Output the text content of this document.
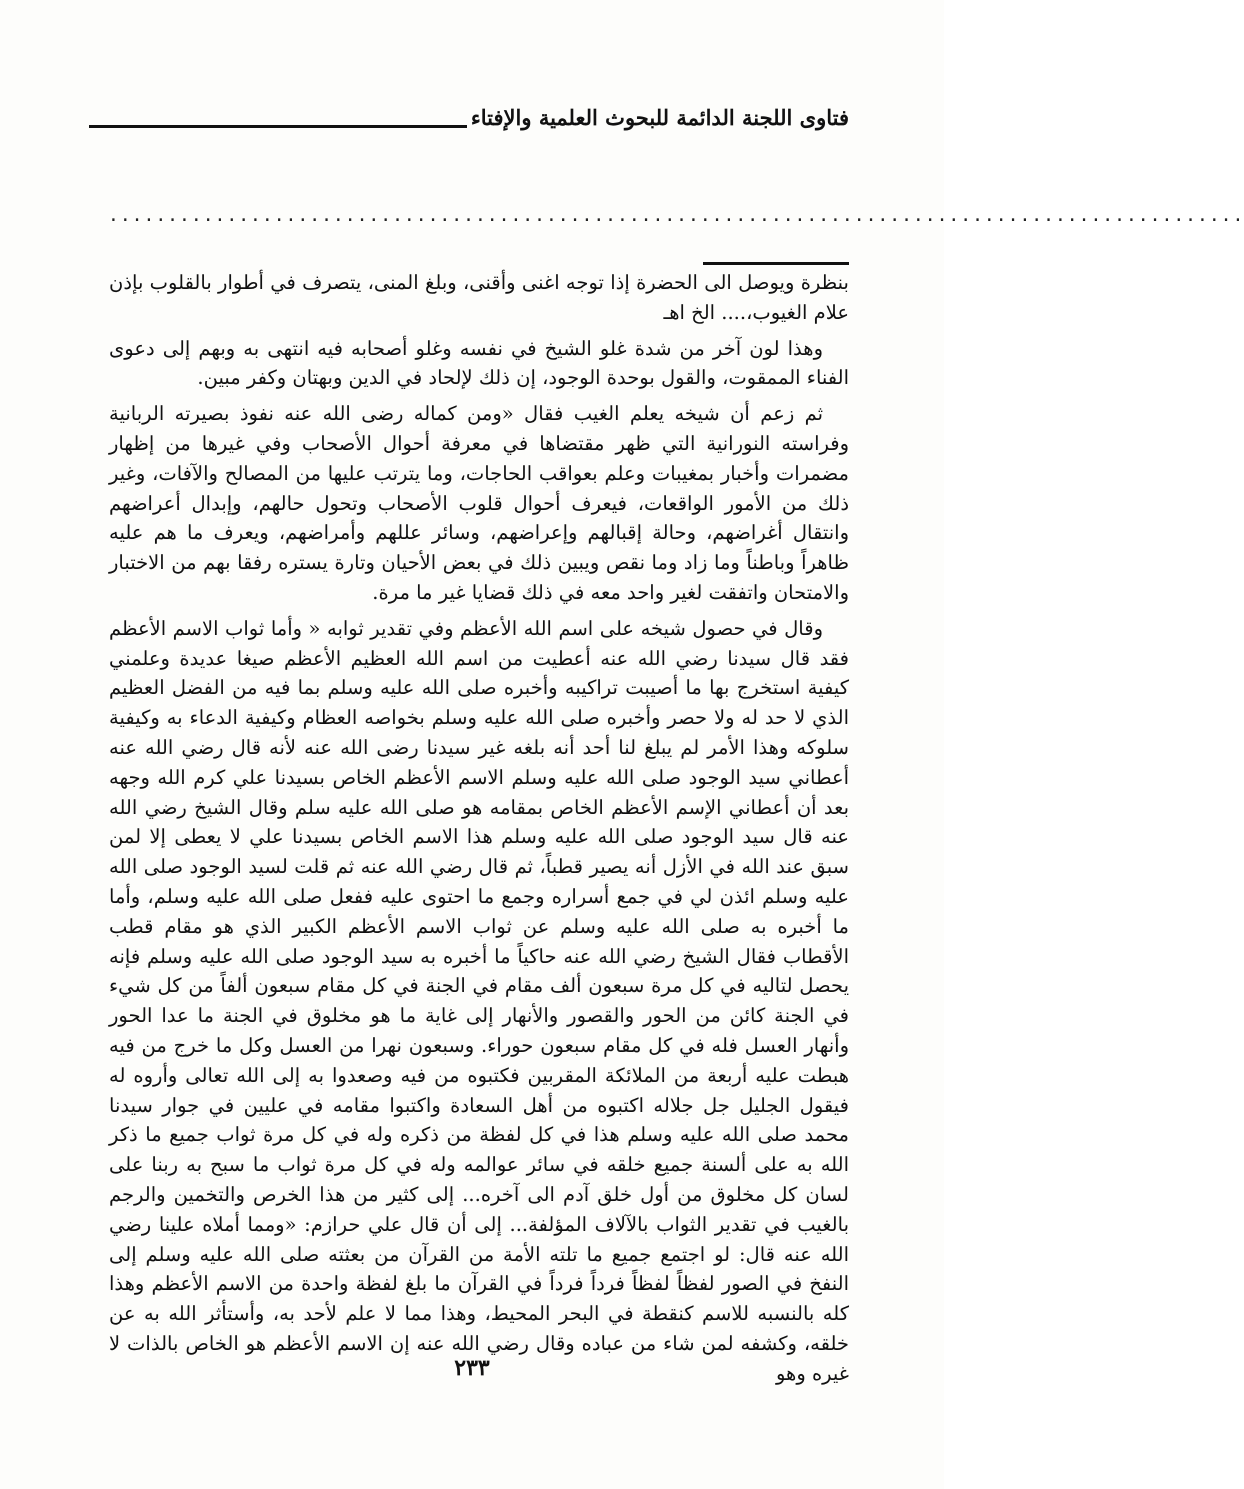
فتاوى اللجنة الدائمة للبحوث العلمية والإفتاء
................................................................................................

بنظرة ويوصل الى الحضرة إذا توجه اغنى وأقنى، وبلغ المنى، يتصرف في أطوار بالقلوب بإذن علام الغيوب،.... الخ اهـ

وهذا لون آخر من شدة غلو الشيخ في نفسه وغلو أصحابه فيه انتهى به وبهم إلى دعوى الفناء الممقوت، والقول بوحدة الوجود، إن ذلك لإلحاد في الدين وبهتان وكفر مبين.

ثم زعم أن شيخه يعلم الغيب فقال «ومن كماله رضى الله عنه نفوذ بصيرته الربانية وفراسته النورانية التي ظهر مقتضاها في معرفة أحوال الأصحاب وفي غيرها من إظهار مضمرات وأخبار بمغيبات وعلم بعواقب الحاجات، وما يترتب عليها من المصالح والآفات، وغير ذلك من الأمور الواقعات، فيعرف أحوال قلوب الأصحاب وتحول حالهم، وإبدال أعراضهم وانتقال أغراضهم، وحالة إقبالهم وإعراضهم، وسائر عللهم وأمراضهم، ويعرف ما هم عليه ظاهراً وباطناً وما زاد وما نقص ويبين ذلك في بعض الأحيان وتارة يستره رفقا بهم من الاختبار والامتحان واتفقت لغير واحد معه في ذلك قضايا غير ما مرة.

وقال في حصول شيخه على اسم الله الأعظم وفي تقدير ثوابه « وأما ثواب الاسم الأعظم فقد قال سيدنا رضي الله عنه أعطيت من اسم الله العظيم الأعظم صيغا عديدة وعلمني كيفية استخرج بها ما أصيبت تراكيبه وأخبره صلى الله عليه وسلم بما فيه من الفضل العظيم الذي لا حد له ولا حصر وأخبره صلى الله عليه وسلم بخواصه العظام وكيفية الدعاء به وكيفية سلوكه وهذا الأمر لم يبلغ لنا أحد أنه بلغه غير سيدنا رضى الله عنه لأنه قال رضي الله عنه أعطاني سيد الوجود صلى الله عليه وسلم الاسم الأعظم الخاص بسيدنا علي كرم الله وجهه بعد أن أعطاني الإسم الأعظم الخاص بمقامه هو صلى الله عليه سلم وقال الشيخ رضي الله عنه قال سيد الوجود صلى الله عليه وسلم هذا الاسم الخاص بسيدنا علي لا يعطى إلا لمن سبق عند الله في الأزل أنه يصير قطباً، ثم قال رضي الله عنه ثم قلت لسيد الوجود صلى الله عليه وسلم ائذن لي في جمع أسراره وجمع ما احتوى عليه ففعل صلى الله عليه وسلم، وأما ما أخبره به صلى الله عليه وسلم عن ثواب الاسم الأعظم الكبير الذي هو مقام قطب الأقطاب فقال الشيخ رضي الله عنه حاكياً ما أخبره به سيد الوجود صلى الله عليه وسلم فإنه يحصل لتاليه في كل مرة سبعون ألف مقام في الجنة في كل مقام سبعون ألفاً من كل شيء في الجنة كائن من الحور والقصور والأنهار إلى غاية ما هو مخلوق في الجنة ما عدا الحور وأنهار العسل فله في كل مقام سبعون حوراء. وسبعون نهرا من العسل وكل ما خرج من فيه هبطت عليه أربعة من الملائكة المقربين فكتبوه من فيه وصعدوا به إلى الله تعالى وأروه له فيقول الجليل جل جلاله اكتبوه من أهل السعادة واكتبوا مقامه في عليين في جوار سيدنا محمد صلى الله عليه وسلم هذا في كل لفظة من ذكره وله في كل مرة ثواب جميع ما ذكر الله به على ألسنة جميع خلقه في سائر عوالمه وله في كل مرة ثواب ما سبح به ربنا على لسان كل مخلوق من أول خلق آدم الى آخره... إلى كثير من هذا الخرص والتخمين والرجم بالغيب في تقدير الثواب بالآلاف المؤلفة... إلى أن قال علي حرازم: «ومما أملاه علينا رضي الله عنه قال: لو اجتمع جميع ما تلته الأمة من القرآن من بعثته صلى الله عليه وسلم إلى النفخ في الصور لفظاً لفظاً فرداً فرداً في القرآن ما بلغ لفظة واحدة من الاسم الأعظم وهذا كله بالنسبه للاسم كنقطة في البحر المحيط، وهذا مما لا علم لأحد به، وأستأثر الله به عن خلقه، وكشفه لمن شاء من عباده وقال رضي الله عنه إن الاسم الأعظم هو الخاص بالذات لا غيره وهو

٢٣٣
